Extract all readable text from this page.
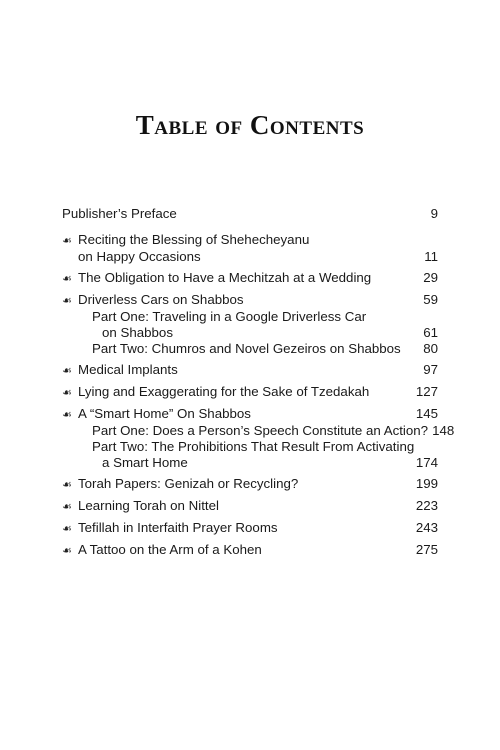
Table of Contents
Publisher’s Preface	9
☙ Reciting the Blessing of Shehecheyanu
on Happy Occasions	11
☙ The Obligation to Have a Mechitzah at a Wedding	29
☙ Driverless Cars on Shabbos	59
Part One: Traveling in a Google Driverless Car
on Shabbos	61
Part Two: Chumros and Novel Gezeiros on Shabbos	80
☙ Medical Implants	97
☙ Lying and Exaggerating for the Sake of Tzedakah	127
☙ A “Smart Home” On Shabbos	145
Part One: Does a Person’s Speech Constitute an Action? 148
Part Two: The Prohibitions That Result From Activating
a Smart Home	174
☙ Torah Papers: Genizah or Recycling?	199
☙ Learning Torah on Nittel	223
☙ Tefillah in Interfaith Prayer Rooms	243
☙ A Tattoo on the Arm of a Kohen	275
